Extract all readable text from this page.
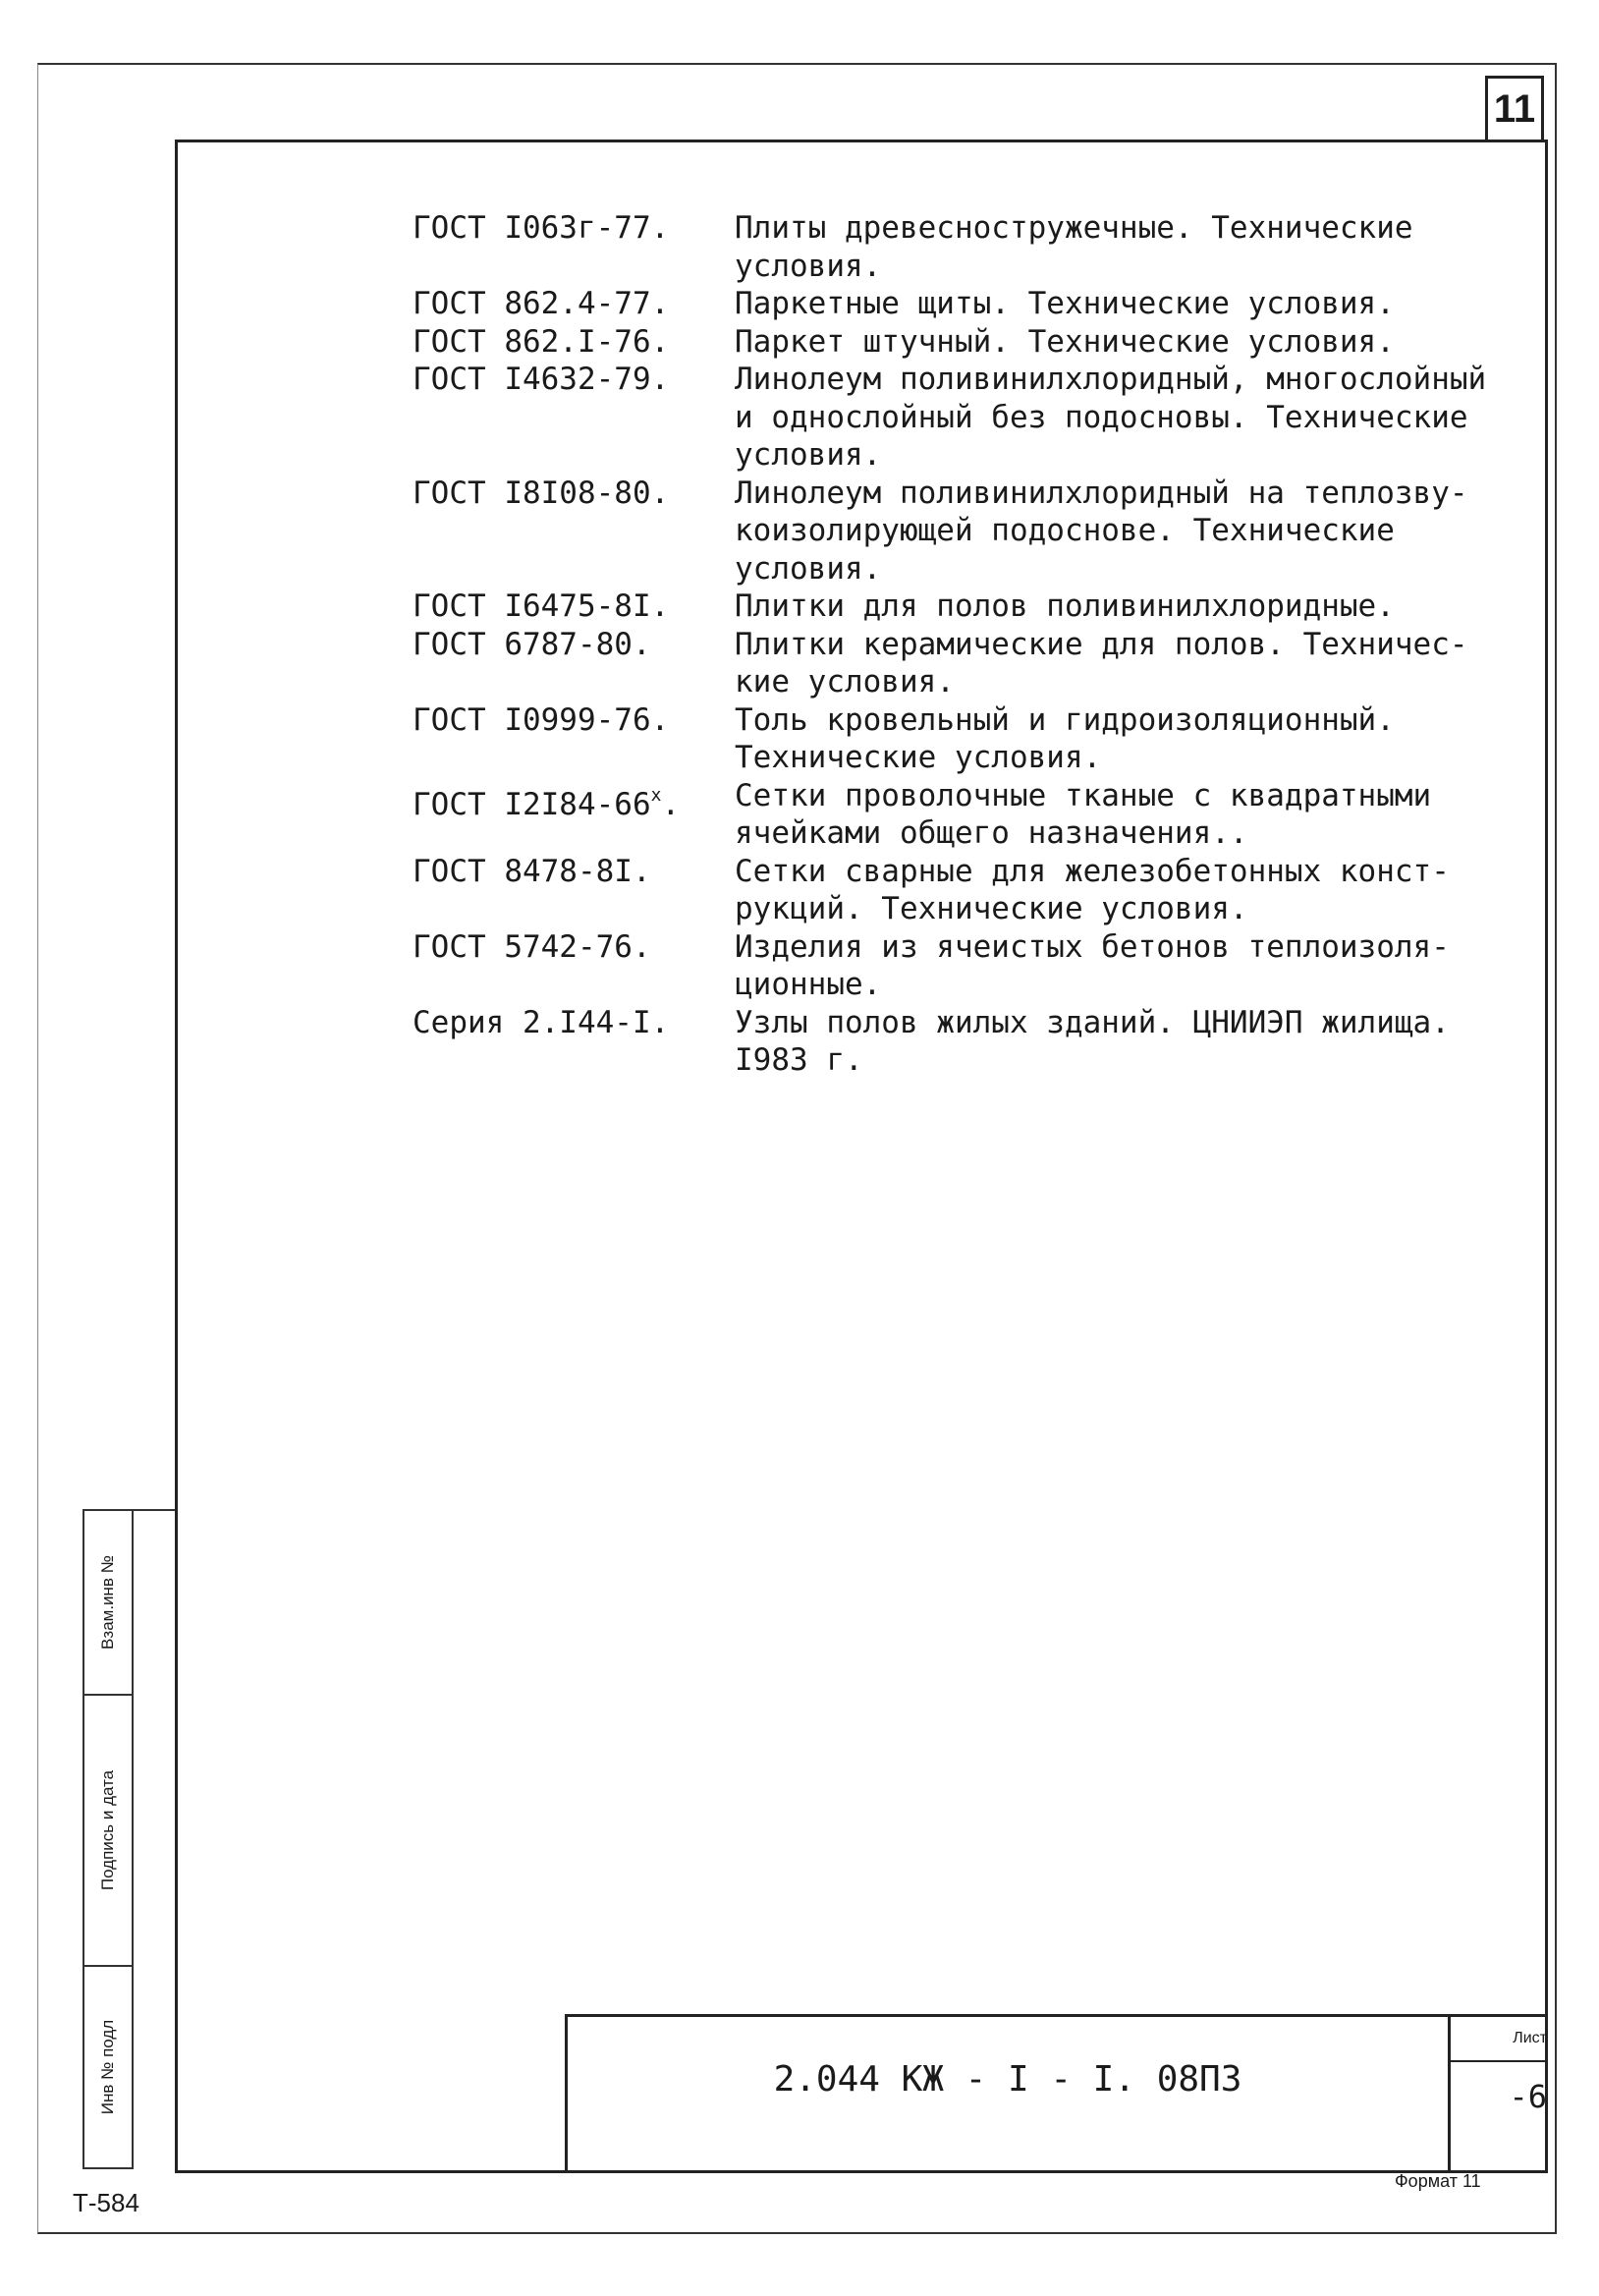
11
ГОСТ I063г-77.	Плиты древесностружечные. Технические
условия.
ГОСТ 862.4-77.	Паркетные щиты. Технические условия.
ГОСТ 862.I-76.	Паркет штучный. Технические условия.
ГОСТ I4632-79.	Линолеум поливинилхлоридный, многослойный
и однослойный без подосновы. Технические
условия.
ГОСТ I8I08-80.	Линолеум поливинилхлоридный на теплозву-
коизолирующей подоснове. Технические
условия.
ГОСТ I6475-8I.	Плитки для полов поливинилхлоридные.
ГОСТ 6787-80.	Плитки керамические для полов. Техничес-
кие условия.
ГОСТ I0999-76.	Толь кровельный и гидроизоляционный.
Технические условия.
ГОСТ $I2I84-66^х$.	Сетки проволочные тканые с квадратными
ячейками общего назначения..
ГОСТ 8478-8I.	Сетки сварные для железобетонных конст-
рукций. Технические условия.
ГОСТ 5742-76.	Изделия из ячеистых бетонов теплоизоля-
ционные.
Серия 2.I44-I.	Узлы полов жилых зданий. ЦНИИЭП жилища.
I983 г.
Взам.инв №
Подпись и дата
Инв № подл	2.044 КЖ - I - I. 08ПЗ
Лист
-6
Формат 11
Т-584
